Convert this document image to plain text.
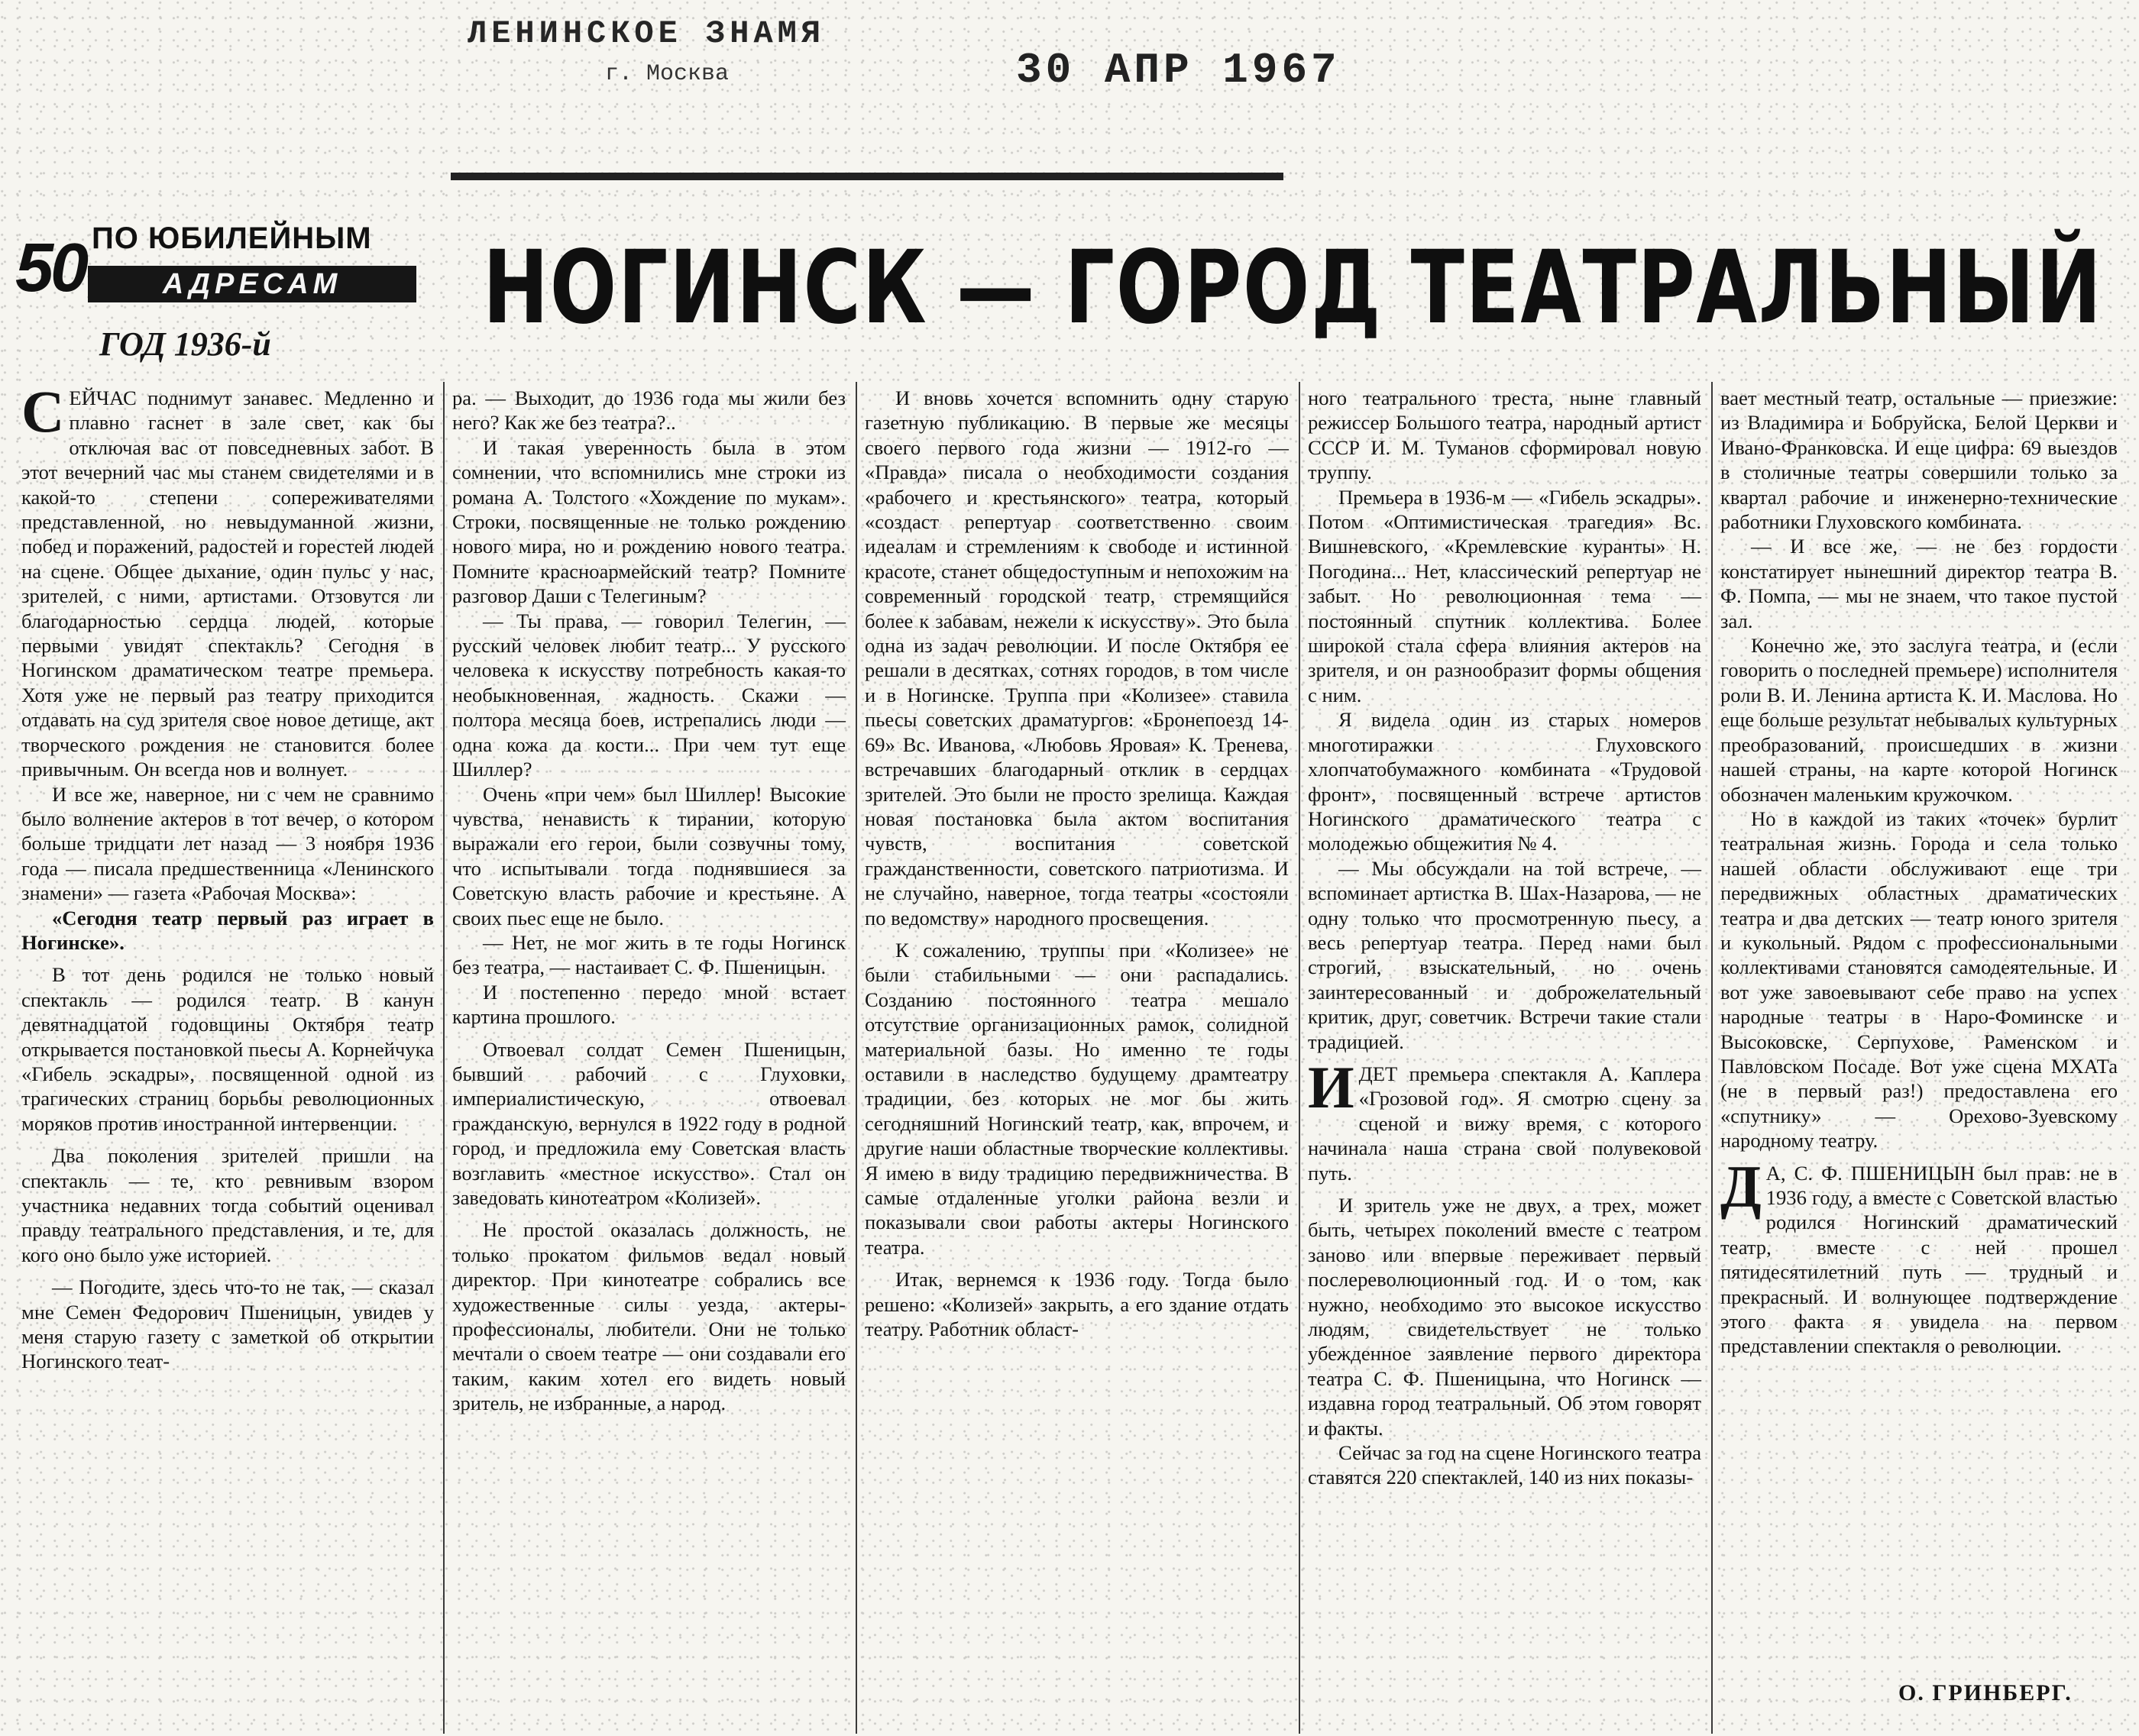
ЛЕНИНСКОЕ ЗНАМЯ
г. Москва	30 АПР 1967
50 ПО ЮБИЛЕЙНЫМ
АДРЕСАМ
ГОД 1936-й НОГИНСК — ГОРОД ТЕАТРАЛЬНЫЙ

СЕЙЧАС поднимут занавес. Медленно и плавно гаснет в зале свет, как бы отключая вас от повседневных забот. В этот вечерний час мы станем свидетелями и в какой-то степени сопереживателями представленной, но невыдуманной жизни, побед и поражений, радостей и горестей людей на сцене. Общее дыхание, один пульс у нас, зрителей, с ними, артистами. Отзовутся ли благодарностью сердца людей, которые первыми увидят спектакль? Сегодня в Ногинском драматическом театре премьера. Хотя уже не первый раз театру приходится отдавать на суд зрителя свое новое детище, акт творческого рождения не становится более привычным. Он всегда нов и волнует.

И все же, наверное, ни с чем не сравнимо было волнение актеров в тот вечер, о котором больше тридцати лет назад — 3 ноября 1936 года — писала предшественница «Ленинского знамени» — газета «Рабочая Москва»:

«Сегодня театр первый раз играет в Ногинске».

В тот день родился не только новый спектакль — родился театр. В канун девятнадцатой годовщины Октября театр открывается постановкой пьесы А. Корнейчука «Гибель эскадры», посвященной одной из трагических страниц борьбы революционных моряков против иностранной интервенции.

Два поколения зрителей пришли на спектакль — те, кто ревнивым взором участника недавних тогда событий оценивал правду театрального представления, и те, для кого оно было уже историей.

— Погодите, здесь что-то не так, — сказал мне Семен Федорович Пшеницын, увидев у меня старую газету с заметкой об открытии Ногинского теат-

ра. — Выходит, до 1936 года мы жили без него? Как же без театра?..

И такая уверенность была в этом сомнении, что вспомнились мне строки из романа А. Толстого «Хождение по мукам». Строки, посвященные не только рождению нового мира, но и рождению нового театра. Помните красноармейский театр? Помните разговор Даши с Телегиным?

— Ты права, — говорил Телегин, — русский человек любит театр... У русского человека к искусству потребность какая-то необыкновенная, жадность. Скажи — полтора месяца боев, истрепались люди — одна кожа да кости... При чем тут еще Шиллер?

Очень «при чем» был Шиллер! Высокие чувства, ненависть к тирании, которую выражали его герои, были созвучны тому, что испытывали тогда поднявшиеся за Советскую власть рабочие и крестьяне. А своих пьес еще не было.

— Нет, не мог жить в те годы Ногинск без театра, — настаивает С. Ф. Пшеницын.

И постепенно передо мной встает картина прошлого.

Отвоевал солдат Семен Пшеницын, бывший рабочий с Глуховки, империалистическую, отвоевал гражданскую, вернулся в 1922 году в родной город, и предложила ему Советская власть возглавить «местное искусство». Стал он заведовать кинотеатром «Колизей».

Не простой оказалась должность, не только прокатом фильмов ведал новый директор. При кинотеатре собрались все художественные силы уезда, актеры-профессионалы, любители. Они не только мечтали о своем театре — они создавали его таким, каким хотел его видеть новый зритель, не избранные, а народ.

И вновь хочется вспомнить одну старую газетную публикацию. В первые же месяцы своего первого года жизни — 1912-го — «Правда» писала о необходимости создания «рабочего и крестьянского» театра, который «создаст репертуар соответственно своим идеалам и стремлениям к свободе и истинной красоте, станет общедоступным и непохожим на современный городской театр, стремящийся более к забавам, нежели к искусству». Это была одна из задач революции. И после Октября ее решали в десятках, сотнях городов, в том числе и в Ногинске. Труппа при «Колизее» ставила пьесы советских драматургов: «Бронепоезд 14-69» Вс. Иванова, «Любовь Яровая» К. Тренева, встречавших благодарный отклик в сердцах зрителей. Это были не просто зрелища. Каждая новая постановка была актом воспитания чувств, воспитания советской гражданственности, советского патриотизма. И не случайно, наверное, тогда театры «состояли по ведомству» народного просвещения.

К сожалению, труппы при «Колизее» не были стабильными — они распадались. Созданию постоянного театра мешало отсутствие организационных рамок, солидной материальной базы. Но именно те годы оставили в наследство будущему драмтеатру традиции, без которых не мог бы жить сегодняшний Ногинский театр, как, впрочем, и другие наши областные творческие коллективы. Я имею в виду традицию передвижничества. В самые отдаленные уголки района везли и показывали свои работы актеры Ногинского театра.

Итак, вернемся к 1936 году. Тогда было решено: «Колизей» закрыть, а его здание отдать театру. Работник област-

ного театрального треста, ныне главный режиссер Большого театра, народный артист СССР И. М. Туманов сформировал новую труппу.

Премьера в 1936-м — «Гибель эскадры». Потом «Оптимистическая трагедия» Вс. Вишневского, «Кремлевские куранты» Н. Погодина... Нет, классический репертуар не забыт. Но революционная тема — постоянный спутник коллектива. Более широкой стала сфера влияния актеров на зрителя, и он разнообразит формы общения с ним.

Я видела один из старых номеров многотиражки Глуховского хлопчатобумажного комбината «Трудовой фронт», посвященный встрече артистов Ногинского драматического театра с молодежью общежития № 4.

— Мы обсуждали на той встрече, — вспоминает артистка В. Шах-Назарова, — не одну только что просмотренную пьесу, а весь репертуар театра. Перед нами был строгий, взыскательный, но очень заинтересованный и доброжелательный критик, друг, советчик. Встречи такие стали традицией.

ИДЕТ премьера спектакля А. Каплера «Грозовой год». Я смотрю сцену за сценой и вижу время, с которого начинала наша страна свой полувековой путь.

И зритель уже не двух, а трех, может быть, четырех поколений вместе с театром заново или впервые переживает первый послереволюционный год. И о том, как нужно, необходимо это высокое искусство людям, свидетельствует не только убежденное заявление первого директора театра С. Ф. Пшеницына, что Ногинск — издавна город театральный. Об этом говорят и факты.

Сейчас за год на сцене Ногинского театра ставятся 220 спектаклей, 140 из них показы-

вает местный театр, остальные — приезжие: из Владимира и Бобруйска, Белой Церкви и Ивано-Франковска. И еще цифра: 69 выездов в столичные театры совершили только за квартал рабочие и инженерно-технические работники Глуховского комбината.

— И все же, — не без гордости констатирует нынешний директор театра В. Ф. Помпа, — мы не знаем, что такое пустой зал.

Конечно же, это заслуга театра, и (если говорить о последней премьере) исполнителя роли В. И. Ленина артиста К. И. Маслова. Но еще больше результат небывалых культурных преобразований, происшедших в жизни нашей страны, на карте которой Ногинск обозначен маленьким кружочком.

Но в каждой из таких «точек» бурлит театральная жизнь. Города и села только нашей области обслуживают еще три передвижных областных драматических театра и два детских — театр юного зрителя и кукольный. Рядом с профессиональными коллективами становятся самодеятельные. И вот уже завоевывают себе право на успех народные театры в Наро-Фоминске и Высоковске, Серпухове, Раменском и Павловском Посаде. Вот уже сцена МХАТа (не в первый раз!) предоставлена его «спутнику» — Орехово-Зуевскому народному театру.

Д А, С. Ф. ПШЕНИЦЫН был прав: не в 1936 году, а вместе с Советской властью родился Ногинский драматический театр, вместе с ней прошел пятидесятилетний путь — трудный и прекрасный. И волнующее подтверждение этого факта я увидела на первом представлении спектакля о революции.

О. ГРИНБЕРГ.
